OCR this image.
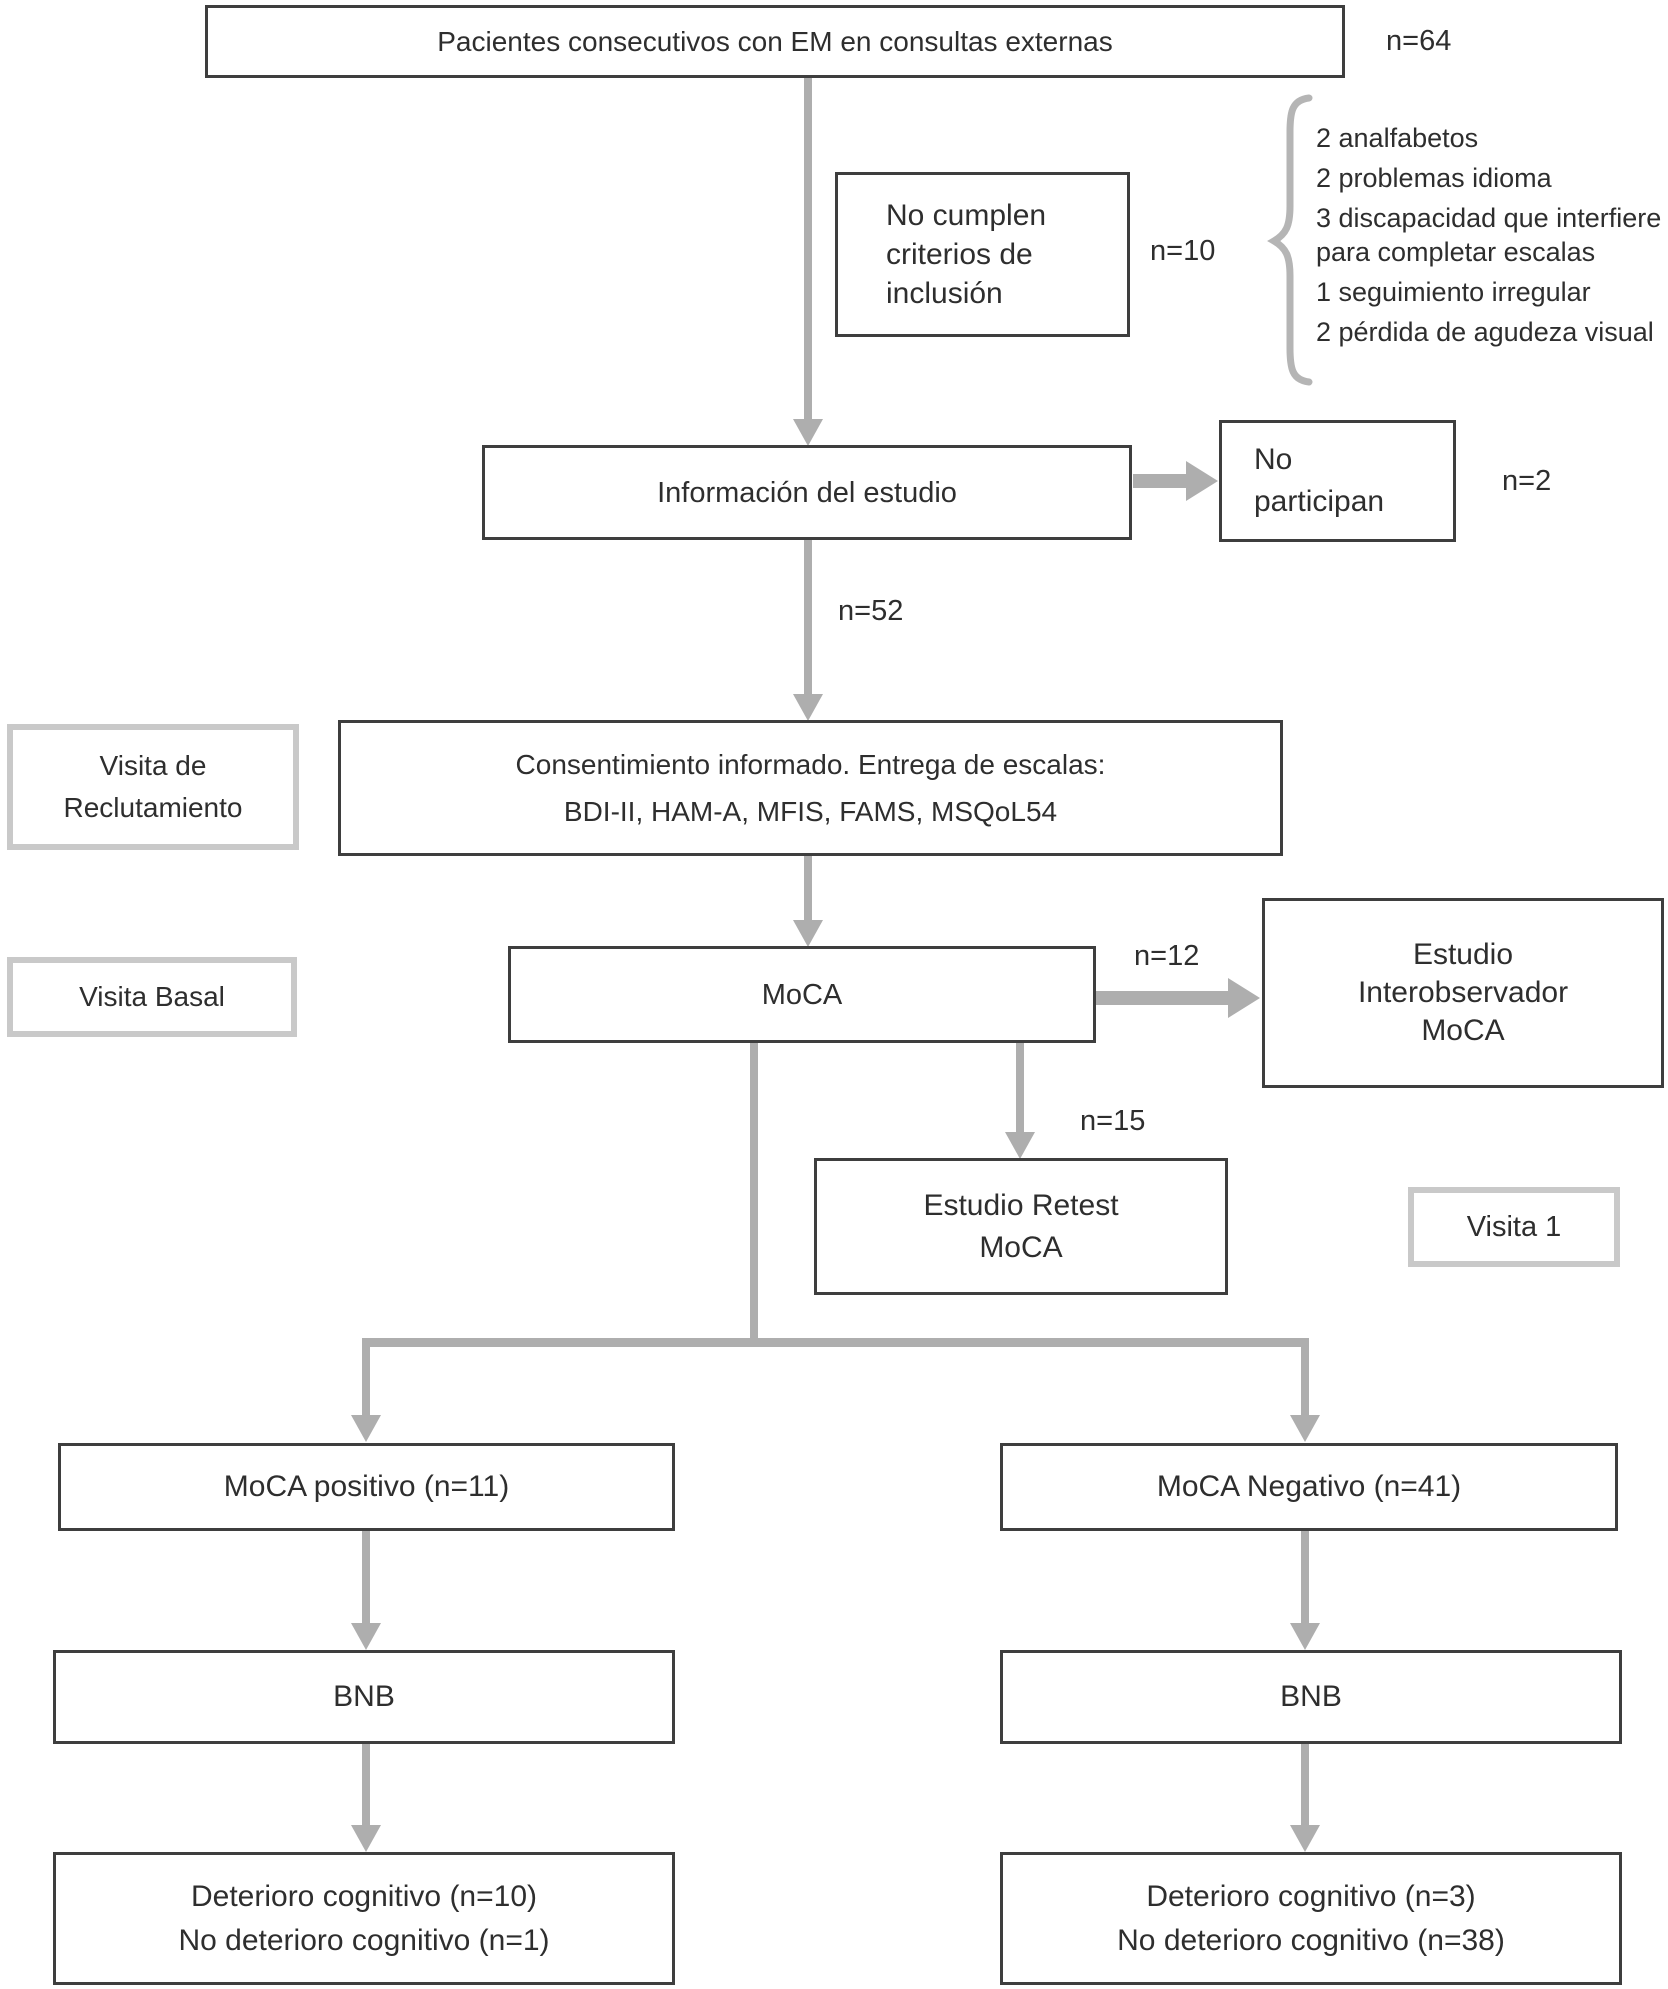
Pacientes consecutivos con EM en consultas externas	n=64
No cumplen
criterios de
inclusión
n=10
2 analfabetos
2 problemas idioma
3 discapacidad que interfiere
para completar escalas
1 seguimiento irregular
2 pérdida de agudeza visual
Información del estudio
No
participan
n=2
n=52
Visita de
Reclutamiento
Consentimiento informado. Entrega de escalas:
BDI-II, HAM-A, MFIS, FAMS, MSQoL54
Visita Basal	MoCA
n=12	Estudio
Interobservador
MoCA
n=15
Estudio Retest
MoCA
Visita 1
MoCA positivo (n=11)	MoCA Negativo (n=41)
BNB	BNB
Deterioro cognitivo (n=10)
No deterioro cognitivo (n=1)
Deterioro cognitivo (n=3)
No deterioro cognitivo (n=38)
